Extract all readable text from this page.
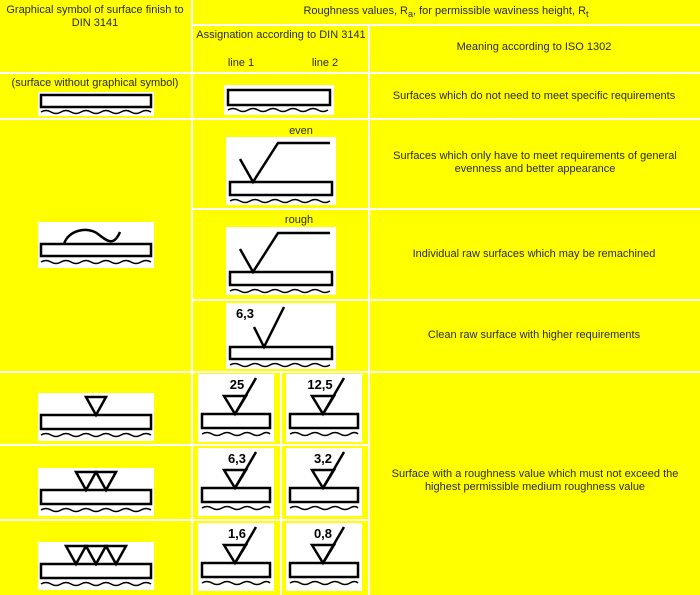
Graphical symbol of surface finish to DIN 3141
Roughness values, $R_a$, for permissible waviness height, $R_t$
Assignation according to DIN 3141
line 1	line 2
Meaning according to ISO 1302
(surface without graphical symbol)
Surfaces which do not need to meet specific requirements
even
Surfaces which only have to meet requirements of general evenness and better appearance
rough
Individual raw surfaces which may be remachined
6,3
Clean raw surface with higher requirements
25	12,5
6,3	3,2
1,6	0,8
Surface with a roughness value which must not exceed the highest permissible medium roughness value
